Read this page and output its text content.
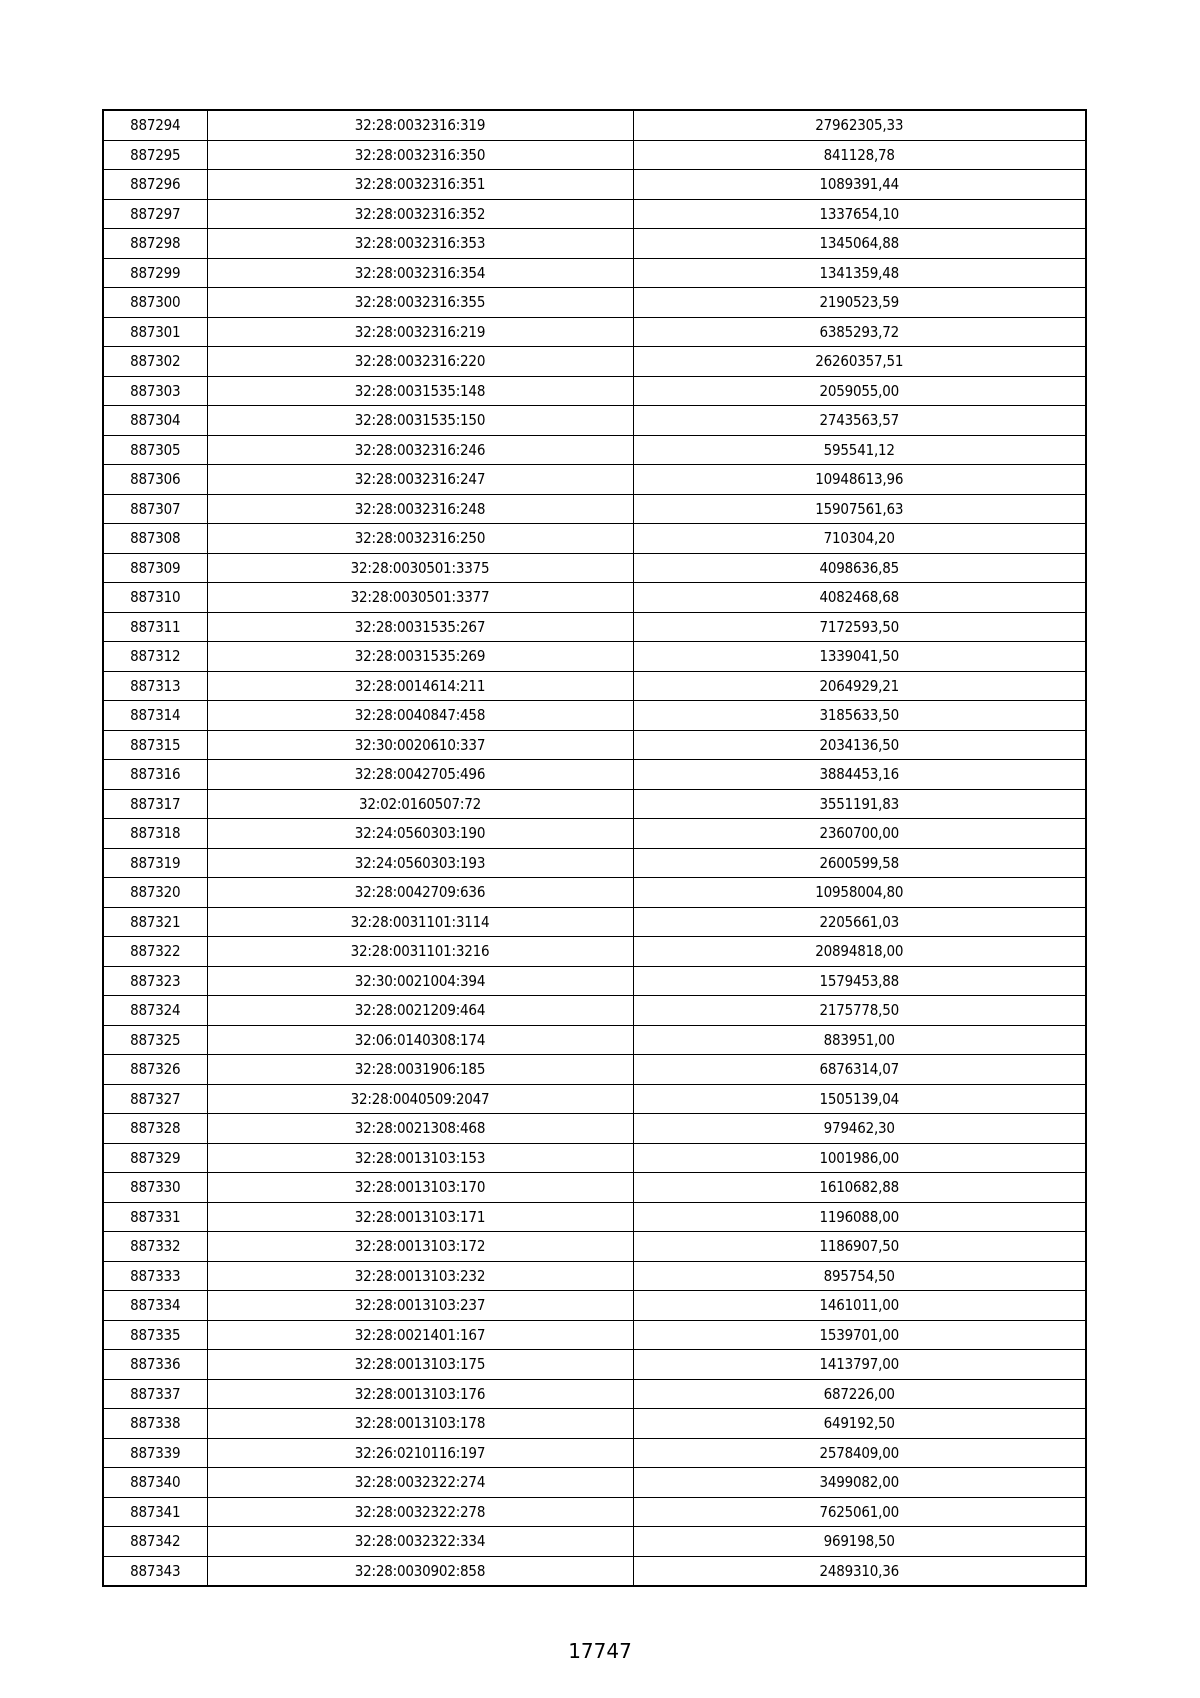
887294	32:28:0032316:319	27962305,33
887295	32:28:0032316:350	841128,78
887296	32:28:0032316:351	1089391,44
887297	32:28:0032316:352	1337654,10
887298	32:28:0032316:353	1345064,88
887299	32:28:0032316:354	1341359,48
887300	32:28:0032316:355	2190523,59
887301	32:28:0032316:219	6385293,72
887302	32:28:0032316:220	26260357,51
887303	32:28:0031535:148	2059055,00
887304	32:28:0031535:150	2743563,57
887305	32:28:0032316:246	595541,12
887306	32:28:0032316:247	10948613,96
887307	32:28:0032316:248	15907561,63
887308	32:28:0032316:250	710304,20
887309	32:28:0030501:3375	4098636,85
887310	32:28:0030501:3377	4082468,68
887311	32:28:0031535:267	7172593,50
887312	32:28:0031535:269	1339041,50
887313	32:28:0014614:211	2064929,21
887314	32:28:0040847:458	3185633,50
887315	32:30:0020610:337	2034136,50
887316	32:28:0042705:496	3884453,16
887317	32:02:0160507:72	3551191,83
887318	32:24:0560303:190	2360700,00
887319	32:24:0560303:193	2600599,58
887320	32:28:0042709:636	10958004,80
887321	32:28:0031101:3114	2205661,03
887322	32:28:0031101:3216	20894818,00
887323	32:30:0021004:394	1579453,88
887324	32:28:0021209:464	2175778,50
887325	32:06:0140308:174	883951,00
887326	32:28:0031906:185	6876314,07
887327	32:28:0040509:2047	1505139,04
887328	32:28:0021308:468	979462,30
887329	32:28:0013103:153	1001986,00
887330	32:28:0013103:170	1610682,88
887331	32:28:0013103:171	1196088,00
887332	32:28:0013103:172	1186907,50
887333	32:28:0013103:232	895754,50
887334	32:28:0013103:237	1461011,00
887335	32:28:0021401:167	1539701,00
887336	32:28:0013103:175	1413797,00
887337	32:28:0013103:176	687226,00
887338	32:28:0013103:178	649192,50
887339	32:26:0210116:197	2578409,00
887340	32:28:0032322:274	3499082,00
887341	32:28:0032322:278	7625061,00
887342	32:28:0032322:334	969198,50
887343	32:28:0030902:858	2489310,36
17747
